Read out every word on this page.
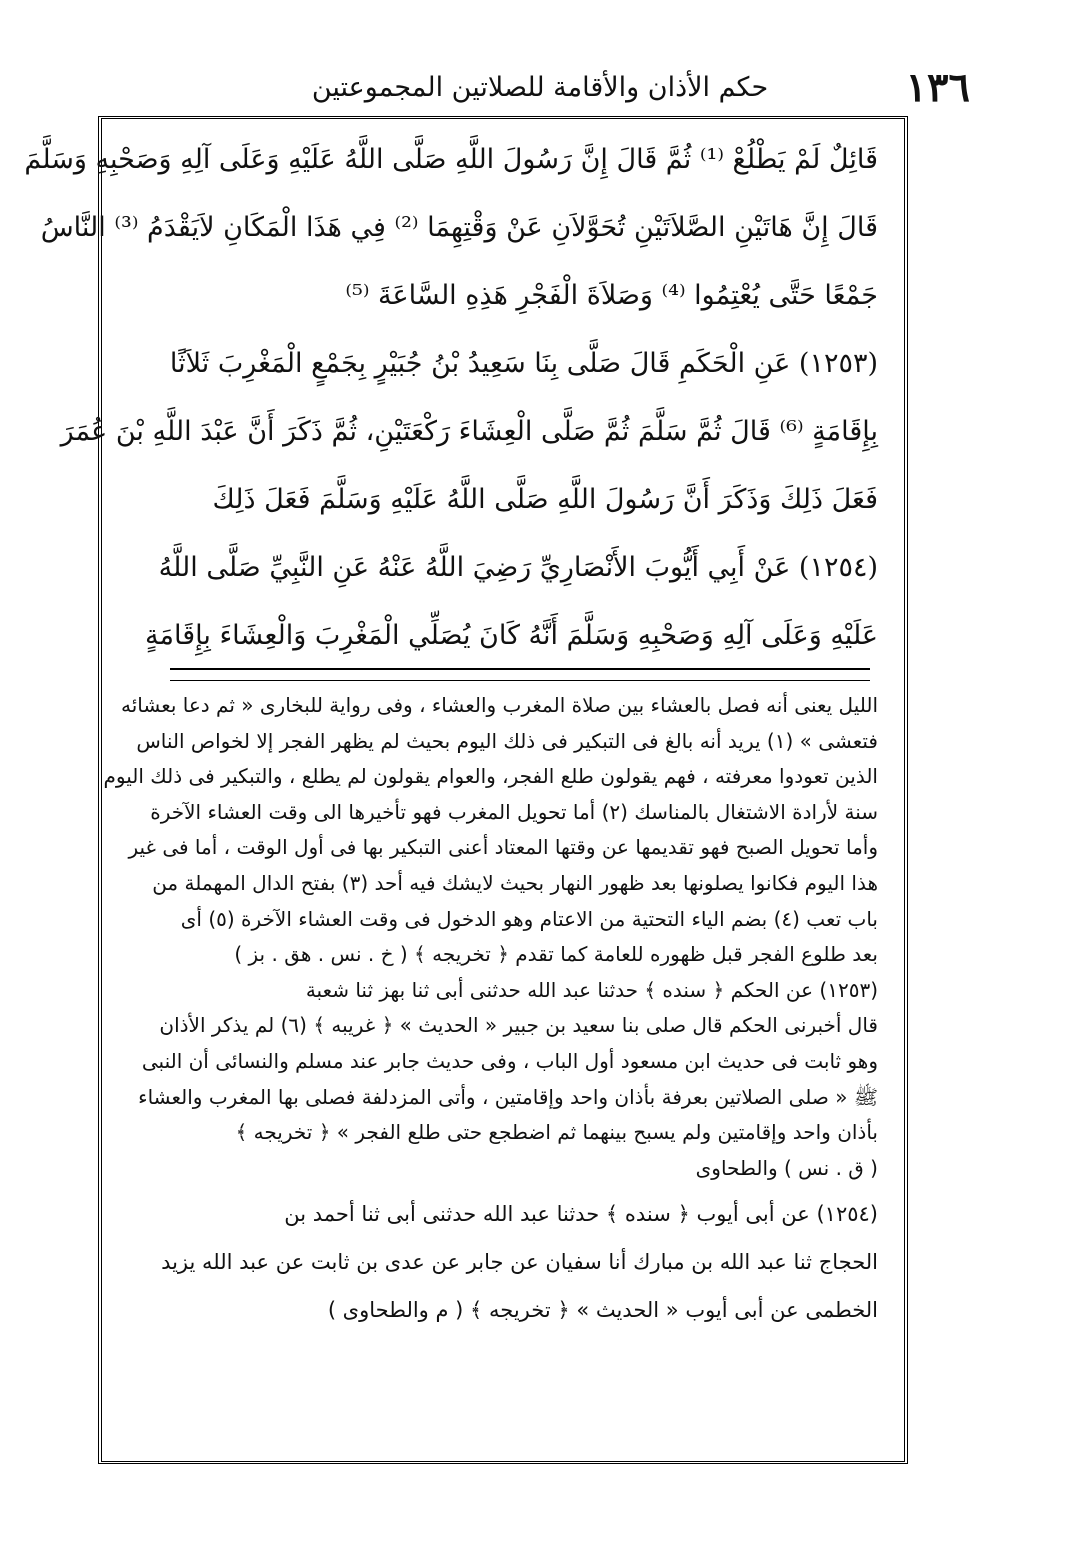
١٣٦
حكم الأذان والأقامة للصلاتين المجموعتين
قَائِلٌ لَمْ يَطْلُعْ ⁽¹⁾ ثُمَّ قَالَ إِنَّ رَسُولَ اللَّهِ صَلَّى اللَّهُ عَلَيْهِ وَعَلَى آلِهِ وَصَحْبِهِ وَسَلَّمَ
قَالَ إِنَّ هَاتَيْنِ الصَّلاَتَيْنِ تُحَوَّلاَنِ عَنْ وَقْتِهِمَا ⁽²⁾ فِي هَذَا الْمَكَانِ لاَيَقْدَمُ ⁽³⁾ النَّاسُ
جَمْعًا حَتَّى يُعْتِمُوا ⁽⁴⁾ وَصَلاَةَ الْفَجْرِ هَذِهِ السَّاعَةَ ⁽⁵⁾
(١٢٥٣) عَنِ الْحَكَمِ قَالَ صَلَّى بِنَا سَعِيدُ بْنُ جُبَيْرٍ بِجَمْعٍ الْمَغْرِبَ ثَلاَثًا
بِإِقَامَةٍ ⁽⁶⁾ قَالَ ثُمَّ سَلَّمَ ثُمَّ صَلَّى الْعِشَاءَ رَكْعَتَيْنِ، ثُمَّ ذَكَرَ أَنَّ عَبْدَ اللَّهِ بْنَ عُمَرَ
فَعَلَ ذَلِكَ وَذَكَرَ أَنَّ رَسُولَ اللَّهِ صَلَّى اللَّهُ عَلَيْهِ وَسَلَّمَ فَعَلَ ذَلِكَ
(١٢٥٤) عَنْ أَبِي أَيُّوبَ الأَنْصَارِيِّ رَضِيَ اللَّهُ عَنْهُ عَنِ النَّبِيِّ صَلَّى اللَّهُ
عَلَيْهِ وَعَلَى آلِهِ وَصَحْبِهِ وَسَلَّمَ أَنَّهُ كَانَ يُصَلِّي الْمَغْرِبَ وَالْعِشَاءَ بِإِقَامَةٍ
الليل يعنى أنه فصل بالعشاء بين صلاة المغرب والعشاء ، وفى رواية للبخارى « ثم دعا بعشائه
فتعشى » (١) يريد أنه بالغ فى التبكير فى ذلك اليوم بحيث لم يظهر الفجر إلا لخواص الناس
الذين تعودوا معرفته ، فهم يقولون طلع الفجر، والعوام يقولون لم يطلع ، والتبكير فى ذلك اليوم
سنة لأرادة الاشتغال بالمناسك (٢) أما تحويل المغرب فهو تأخيرها الى وقت العشاء الآخرة
وأما تحويل الصبح فهو تقديمها عن وقتها المعتاد أعنى التبكير بها فى أول الوقت ، أما فى غير
هذا اليوم فكانوا يصلونها بعد ظهور النهار بحيث لايشك فيه أحد (٣) بفتح الدال المهملة من
باب تعب (٤) بضم الياء التحتية من الاعتام وهو الدخول فى وقت العشاء الآخرة (٥) أى
بعد طلوع الفجر قبل ظهوره للعامة كما تقدم ﴿ تخريجه ﴾ ( خ . نس . هق . بز )
(١٢٥٣) عن الحكم ﴿ سنده ﴾ حدثنا عبد الله حدثنى أبى ثنا بهز ثنا شعبة
قال أخبرنى الحكم قال صلى بنا سعيد بن جبير « الحديث » ﴿ غريبه ﴾ (٦) لم يذكر الأذان
وهو ثابت فى حديث ابن مسعود أول الباب ، وفى حديث جابر عند مسلم والنسائى أن النبى
ﷺ « صلى الصلاتين بعرفة بأذان واحد وإقامتين ، وأتى المزدلفة فصلى بها المغرب والعشاء
بأذان واحد وإقامتين ولم يسبح بينهما ثم اضطجع حتى طلع الفجر » ﴿ تخريجه ﴾
( ق . نس ) والطحاوى
(١٢٥٤) عن أبى أيوب ﴿ سنده ﴾ حدثنا عبد الله حدثنى أبى ثنا أحمد بن
الحجاج ثنا عبد الله بن مبارك أنا سفيان عن جابر عن عدى بن ثابت عن عبد الله يزيد
الخطمى عن أبى أيوب « الحديث » ﴿ تخريجه ﴾ ( م والطحاوى )
